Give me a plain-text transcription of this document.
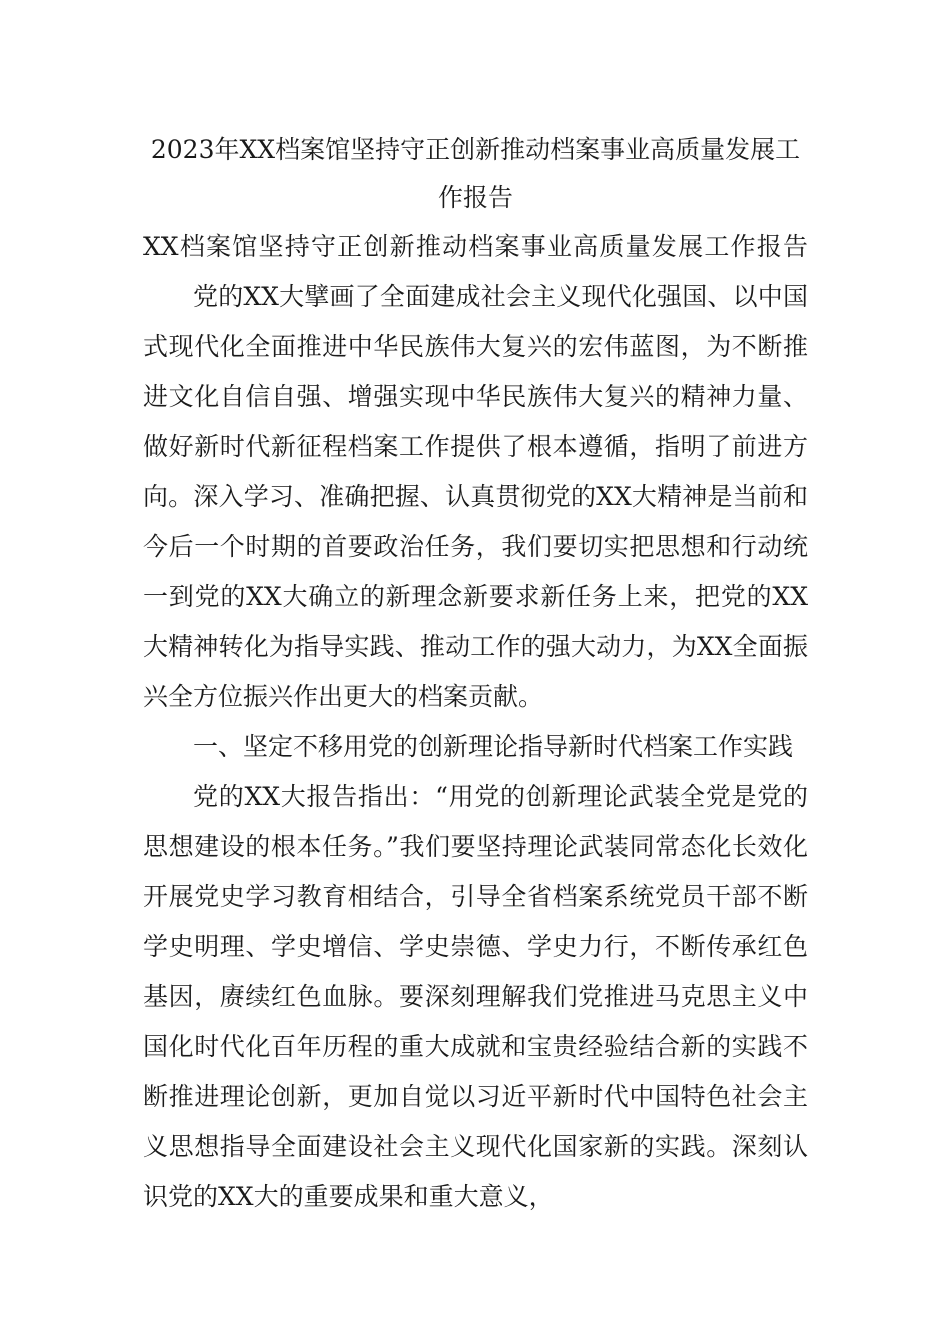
2023年XX档案馆坚持守正创新推动档案事业高质量发展工作报告

XX档案馆坚持守正创新推动档案事业高质量发展工作报告

党的XX大擘画了全面建成社会主义现代化强国、以中国式现代化全面推进中华民族伟大复兴的宏伟蓝图，为不断推进文化自信自强、增强实现中华民族伟大复兴的精神力量、做好新时代新征程档案工作提供了根本遵循，指明了前进方向。深入学习、准确把握、认真贯彻党的XX大精神是当前和今后一个时期的首要政治任务，我们要切实把思想和行动统一到党的XX大确立的新理念新要求新任务上来，把党的XX大精神转化为指导实践、推动工作的强大动力，为XX全面振兴全方位振兴作出更大的档案贡献。

一、坚定不移用党的创新理论指导新时代档案工作实践

党的XX大报告指出：“用党的创新理论武装全党是党的思想建设的根本任务。”我们要坚持理论武装同常态化长效化开展党史学习教育相结合，引导全省档案系统党员干部不断学史明理、学史增信、学史崇德、学史力行，不断传承红色基因，赓续红色血脉。要深刻理解我们党推进马克思主义中国化时代化百年历程的重大成就和宝贵经验结合新的实践不断推进理论创新，更加自觉以习近平新时代中国特色社会主义思想指导全面建设社会主义现代化国家新的实践。深刻认识党的XX大的重要成果和重大意义，
